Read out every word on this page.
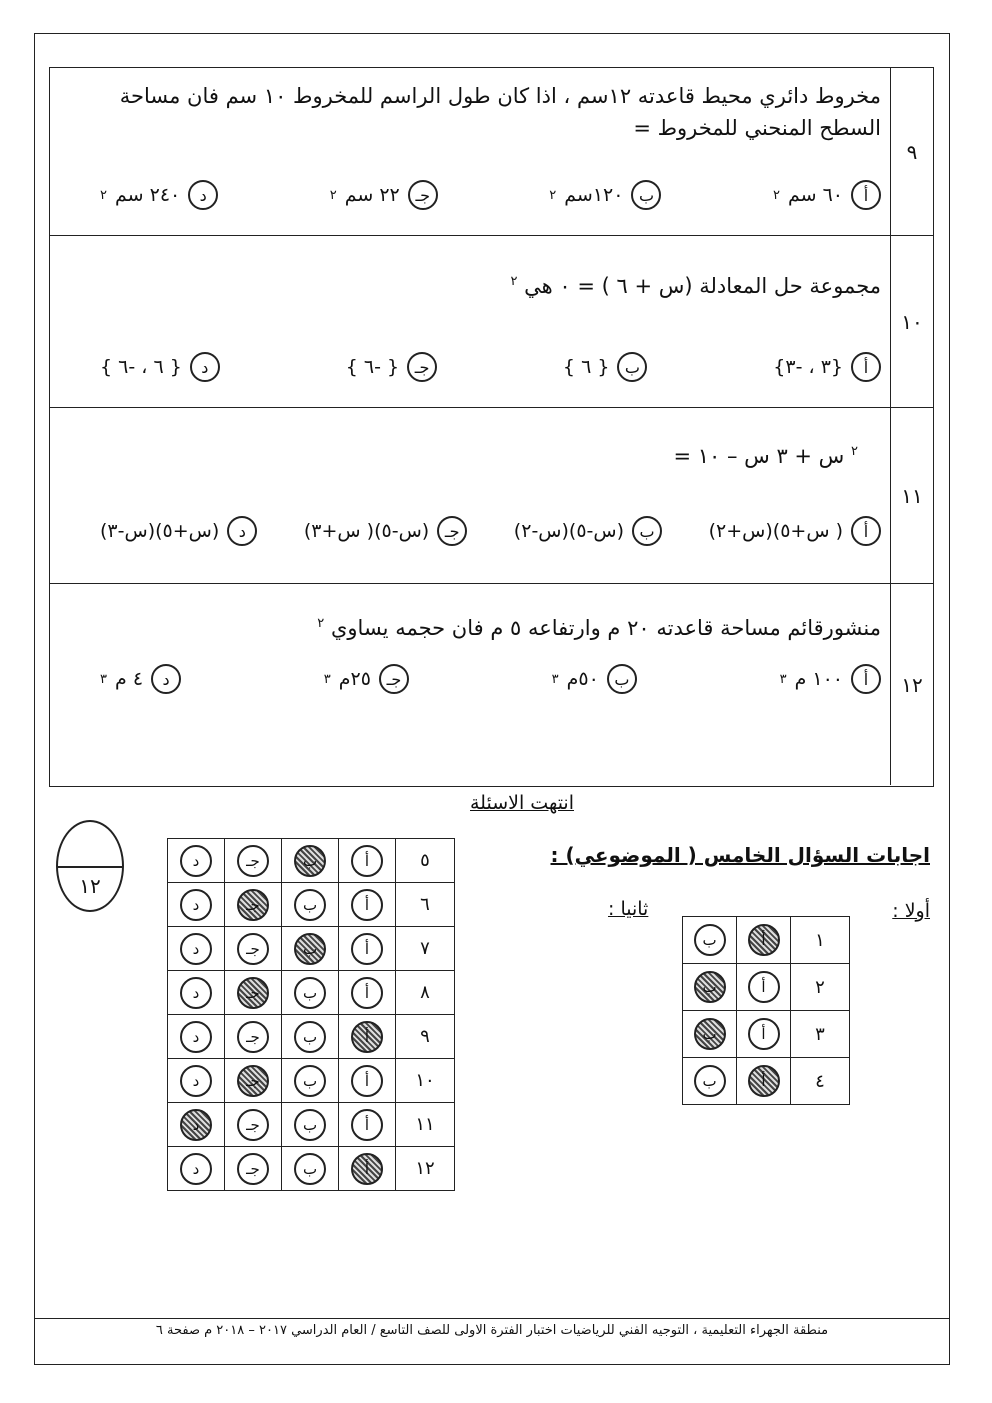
٩
مخروط دائري محيط قاعدته ١٢سم ، اذا كان طول الراسم للمخروط ١٠ سم فان مساحة السطح المنحني للمخروط =
أ
٦٠ سم
٢
ب
١٢٠سم
٢
جـ
٢٢ سم
٢
د
٢٤٠ سم
٢
١٠
مجموعة حل المعادلة (س + ٦ ) = ٠ هي $^٢$
أ
{٣ ، -٣}
ب
{ ٦ }
جـ
{ -٦ }
د
{ ٦ ، -٦ }
١١
$^٢$ س + ٣ س – ١٠ =
أ
( س+٥)(س+٢)
ب
(س-٥)(س-٢)
جـ
(س-٥)( س+٣)
د
(س+٥)(س-٣)
١٢
منشورقائم مساحة قاعدته ٢٠ م وارتفاعه ٥ م فان حجمه يساوي $^٢$
أ
١٠٠ م
٣
ب
٥٠م
٣
جـ
٢٥م
٣
د
٤ م
٣
انتهت الاسئلة
١٢
اجابات السؤال الخامس ( الموضوعي) :
أولا :
ثانيا :
ب	أ	١
ب	أ	٢
ب	أ	٣
ب	أ	٤
د	جـ	ب	أ	٥
د	جـ	ب	أ	٦
د	جـ	ب	أ	٧
د	جـ	ب	أ	٨
د	جـ	ب	أ	٩
د	جـ	ب	أ	١٠
د	جـ	ب	أ	١١
د	جـ	ب	أ	١٢
منطقة الجهراء التعليمية ، التوجيه الفني للرياضيات اختبار الفترة الاولى للصف التاسع / العام الدراسي ٢٠١٧ – ٢٠١٨ م صفحة ٦
